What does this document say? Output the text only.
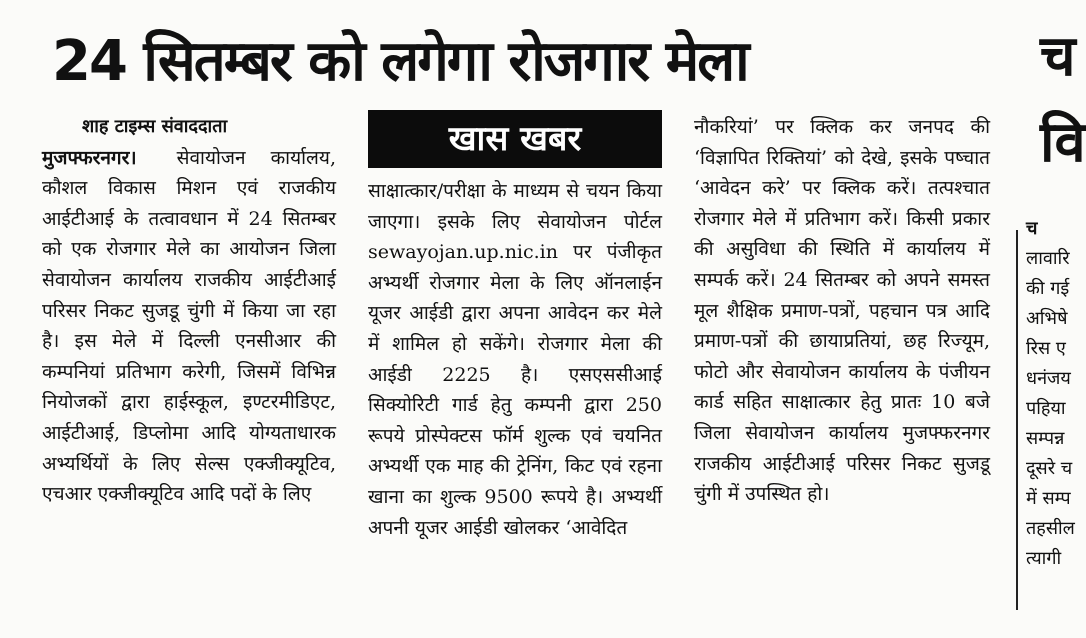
24 सितम्बर को लगेगा रोजगार मेला
शाह टाइम्स संवाददाता

मुजफ्फरनगर। सेवायोजन कार्यालय, कौशल विकास मिशन एवं राजकीय आईटीआई के तत्वावधान में 24 सितम्बर को एक रोजगार मेले का आयोजन जिला सेवायोजन कार्यालय राजकीय आईटीआई परिसर निकट सुजडू चुंगी में किया जा रहा है। इस मेले में दिल्ली एनसीआर की कम्पनियां प्रतिभाग करेगी, जिसमें विभिन्न नियोजकों द्वारा हाईस्कूल, इण्टरमीडिएट, आईटीआई, डिप्लोमा आदि योग्यताधारक अभ्यर्थियों के लिए सेल्स एक्जीक्यूटिव, एचआर एक्जीक्यूटिव आदि पदों के लिए

खास खबर

साक्षात्कार/परीक्षा के माध्यम से चयन किया जाएगा। इसके लिए सेवायोजन पोर्टल sewayojan.up.nic.in पर पंजीकृत अभ्यर्थी रोजगार मेला के लिए ऑनलाईन यूजर आईडी द्वारा अपना आवेदन कर मेले में शामिल हो सकेंगे। रोजगार मेला की आईडी 2225 है। एसएससीआई सिक्योरिटी गार्ड हेतु कम्पनी द्वारा 250 रूपये प्रोस्पेक्टस फॉर्म शुल्क एवं चयनित अभ्यर्थी एक माह की ट्रेनिंग, किट एवं रहना खाना का शुल्क 9500 रूपये है। अभ्यर्थी अपनी यूजर आईडी खोलकर ‘आवेदित

नौकरियां’ पर क्लिक कर जनपद की ‘विज्ञापित रिक्तियां’ को देखे, इसके पष्चात ‘आवेदन करे’ पर क्लिक करें। तत्पश्चात रोजगार मेले में प्रतिभाग करें। किसी प्रकार की असुविधा की स्थिति में कार्यालय में सम्पर्क करें। 24 सितम्बर को अपने समस्त मूल शैक्षिक प्रमाण-पत्रों, पहचान पत्र आदि प्रमाण-पत्रों की छायाप्रतियां, छह रिज्यूम, फोटो और सेवायोजन कार्यालय के पंजीयन कार्ड सहित साक्षात्कार हेतु प्रातः 10 बजे जिला सेवायोजन कार्यालय मुजफ्फरनगर राजकीय आईटीआई परिसर निकट सुजडू चुंगी में उपस्थित हो।

च
वि

च

लावारि

की गई

अभिषे

रिस ए

धनंजय

पहिया

सम्पन्न

दूसरे च

में सम्प

तहसील

त्यागी
